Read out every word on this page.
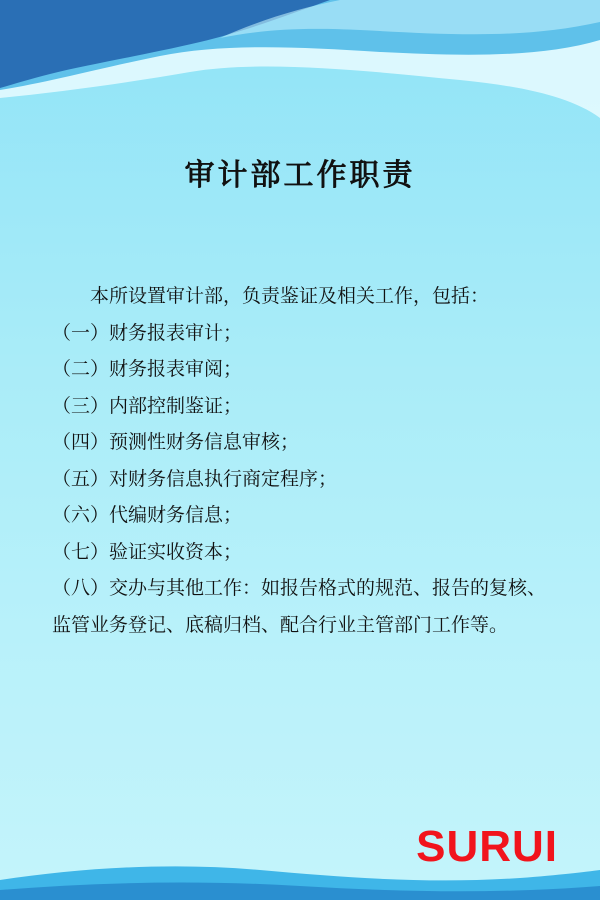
审计部工作职责

本所设置审计部，负责鉴证及相关工作，包括：

（一）财务报表审计；

（二）财务报表审阅；

（三）内部控制鉴证；

（四）预测性财务信息审核；

（五）对财务信息执行商定程序；

（六）代编财务信息；

（七）验证实收资本；

（八）交办与其他工作：如报告格式的规范、报告的复核、监管业务登记、底稿归档、配合行业主管部门工作等。

SURUI
